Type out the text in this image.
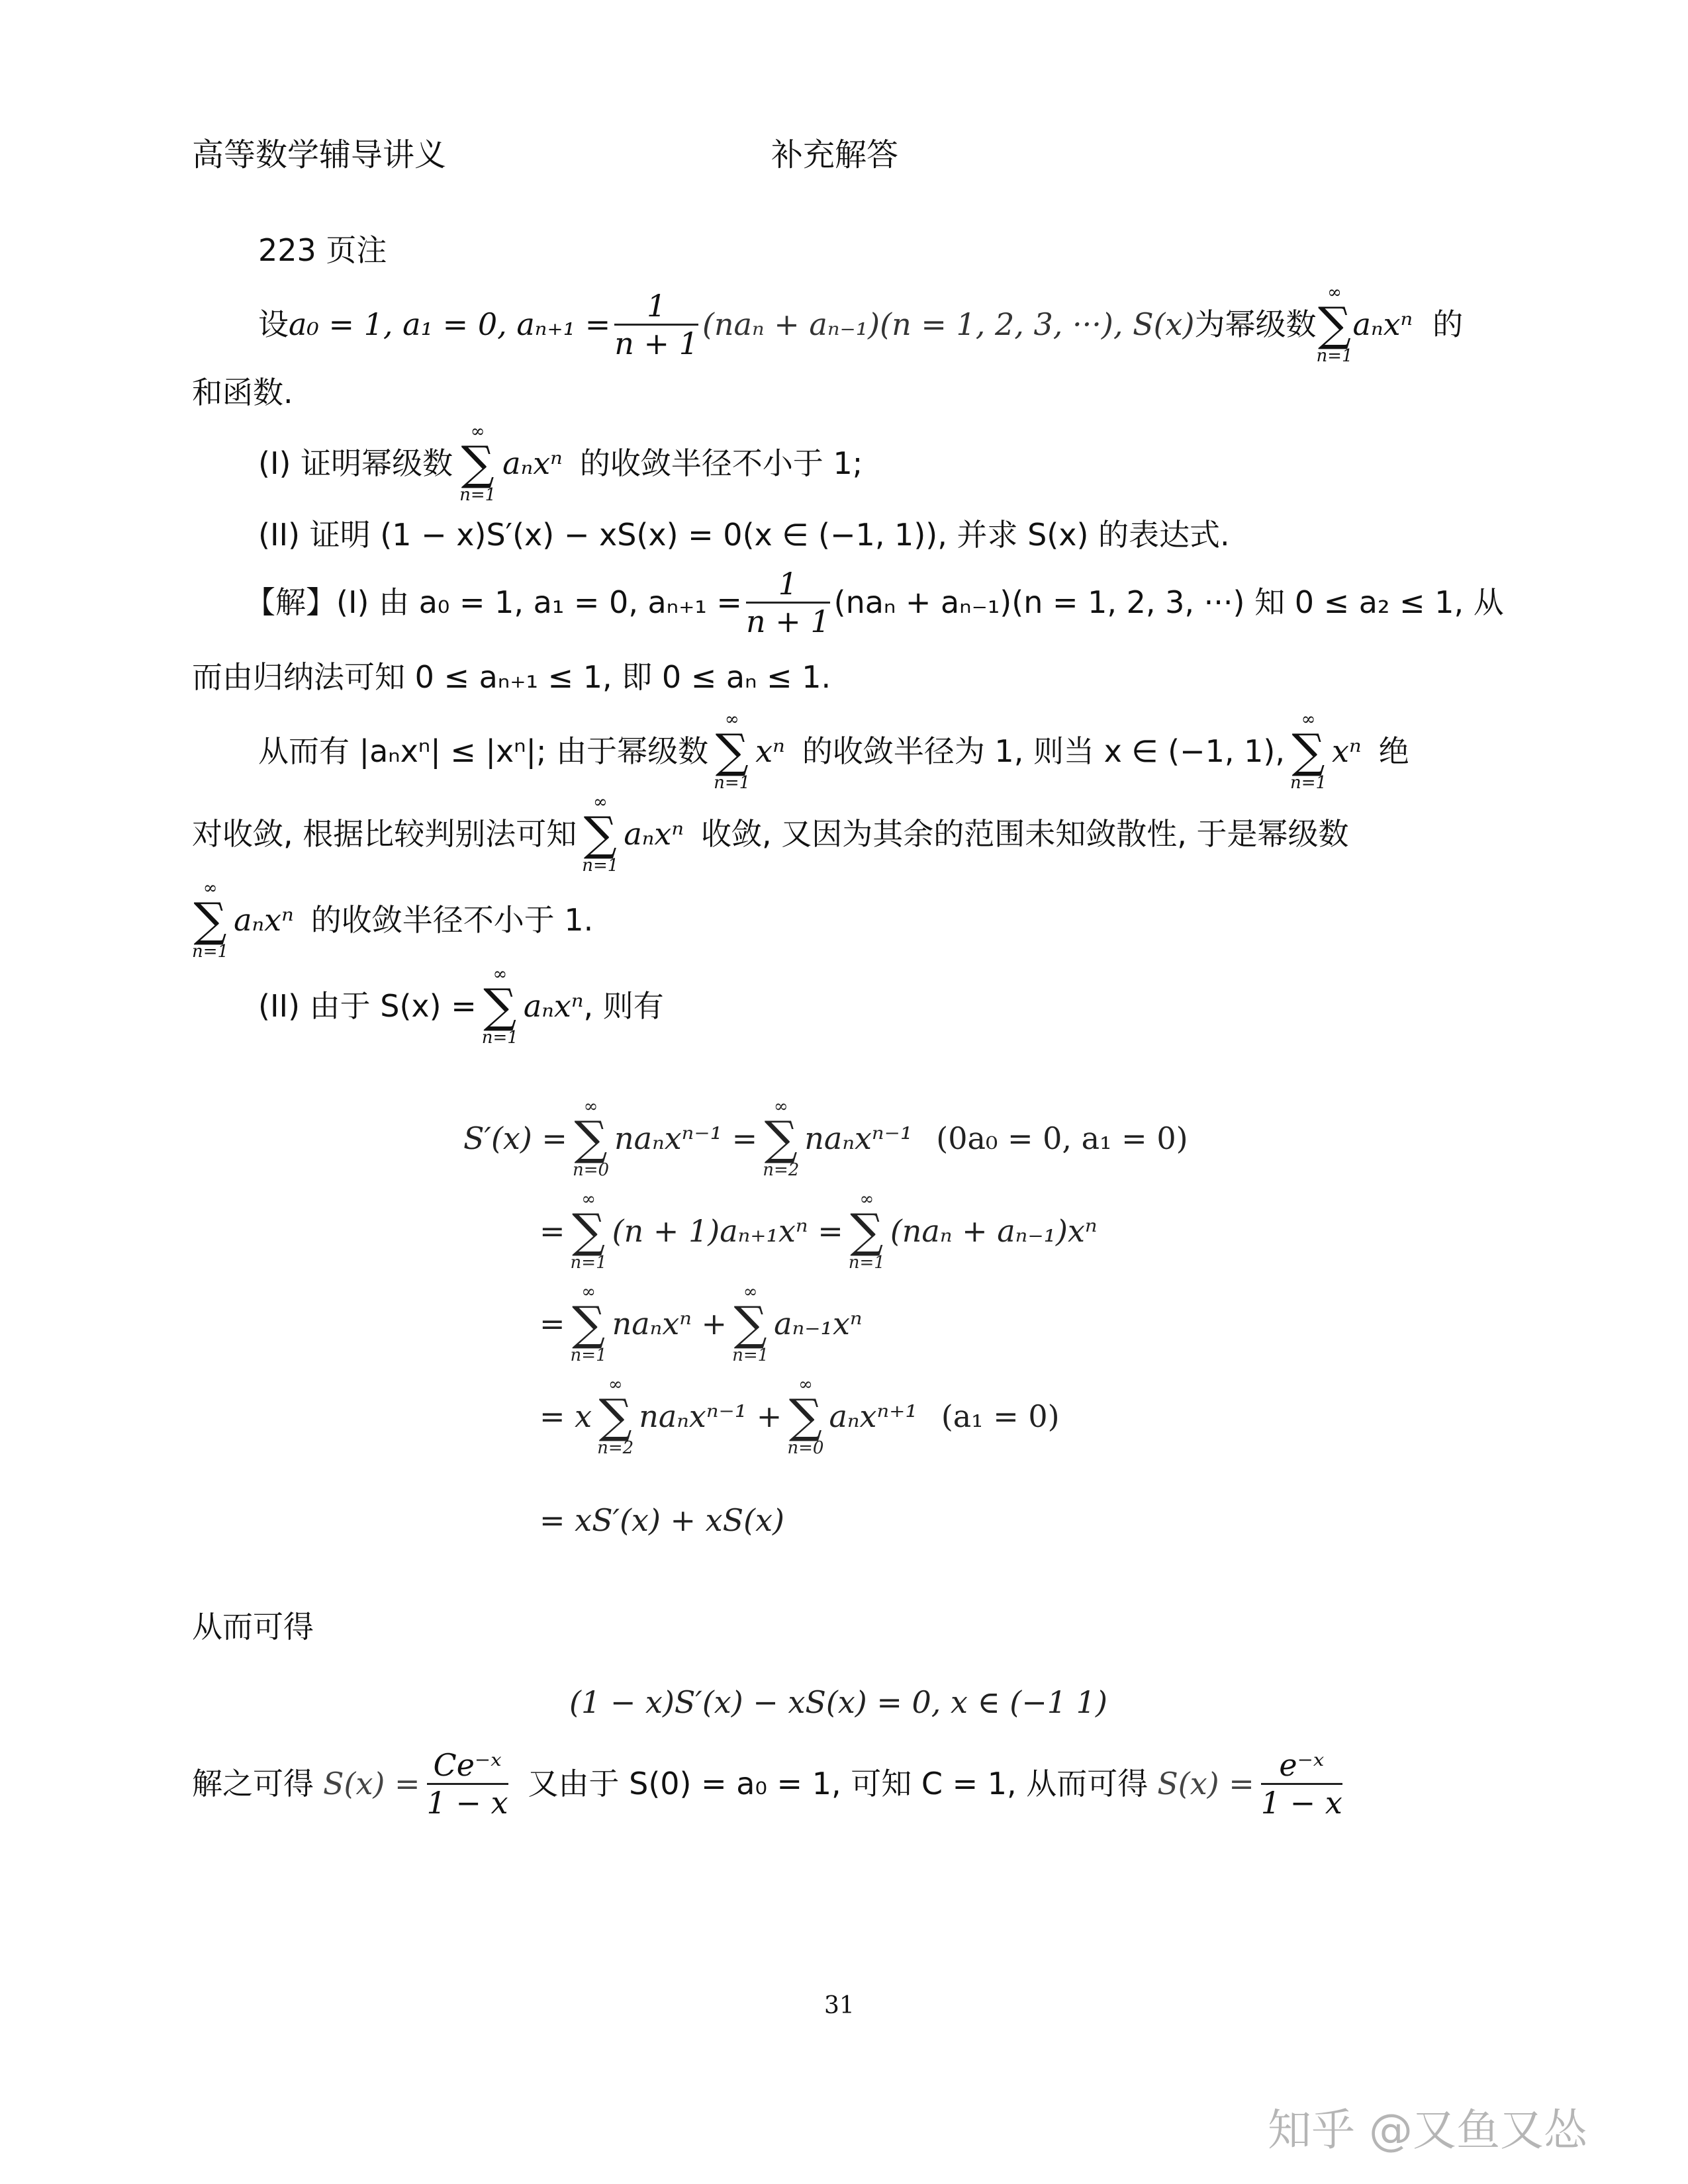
高等数学辅导讲义	补充解答
223 页注
设 a₀ = 1, a₁ = 0, $a_{n+1} = \frac{1}{n + 1} (na_n + a_{n-1})(n = 1$, 2, 3, ···), S(x) 为幂级数
∞
∑
n=1
aₙxⁿ 的
和函数.
(I) 证明幂级数
∞
∑
n=1
aₙxⁿ 的收敛半径不小于 1;
(II) 证明 (1 − x)S′(x) − xS(x) = 0(x ∈ (−1, 1)), 并求 S(x) 的表达式.
【解】 (I) 由 a₀ = 1, a₁ = 0, $a_{n+1} = \frac{1}{n + 1} (na_n + a_{n-1})(n = 1$, 2, 3, ···) 知 0 ≤ a₂ ≤ 1, 从
而由归纳法可知 0 ≤ aₙ₊₁ ≤ 1, 即 0 ≤ aₙ ≤ 1.
从而有 |aₙxⁿ| ≤ |xⁿ|; 由于幂级数
∞
∑
n=1
xⁿ 的收敛半径为 1, 则当 x ∈ (−1, 1),
∞
∑
n=1
xⁿ 绝
对收敛, 根据比较判别法可知
∞
∑
n=1
aₙxⁿ 收敛, 又因为其余的范围未知敛散性, 于是幂级数
∞
∑
n=1
aₙxⁿ 的收敛半径不小于 1.
(II) 由于 S(x) =
∞
∑
n=1
aₙxⁿ , 则有
S′(x) =
∞
∑
n=0
naₙxⁿ⁻¹ =
∞
∑
n=2
naₙxⁿ⁻¹ (0a₀ = 0, a₁ = 0)
=
∞
∑
n=1
(n + 1)aₙ₊₁xⁿ =
∞
∑
n=1
(naₙ + aₙ₋₁)xⁿ
=
∞
∑
n=1
naₙxⁿ +
∞
∑
n=1
aₙ₋₁xⁿ
= x
∞
∑
n=2
naₙxⁿ⁻¹ +
∞
∑
n=0
aₙxⁿ⁺¹ (a₁ = 0)
= xS′(x) + xS(x)
从而可得
(1 − x)S′(x) − xS(x) = 0, x ∈ (−1 1)
解之可得 $S(x) = \frac{\text{Ce⁻ˣ}}{1 - x}$ 又由于 S(0) = a₀ = 1, 可知 C = 1, 从而可得 $S(x) = \frac{\text{e⁻ˣ}}{1 - x}$
31
知乎 @又鱼又怂
